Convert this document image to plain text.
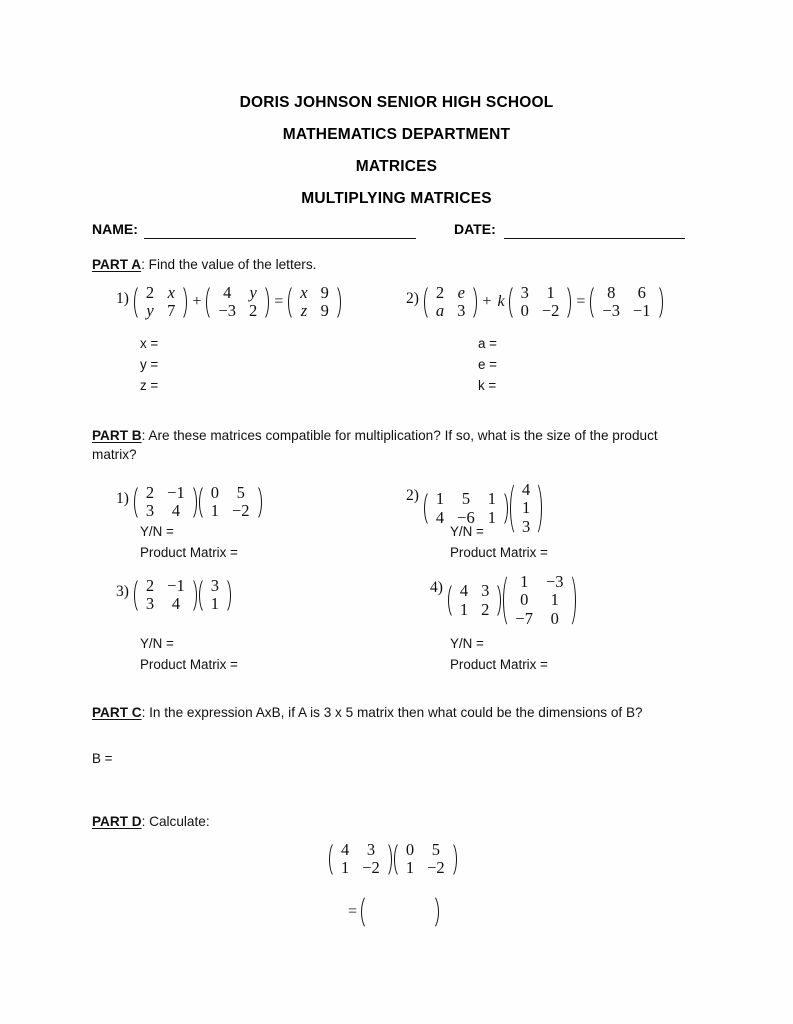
DORIS JOHNSON SENIOR HIGH SCHOOL
MATHEMATICS DEPARTMENT
MATRICES
MULTIPLYING MATRICES
NAME:	DATE:
PART A: Find the value of the letters.
1) 2 x
y 7 + 4 y
−3 2 = x 9
z 9
x =
y =
z =
2) 2 e
a 3 + k 3 1
0 −2 = 8 6
−3 −1
a =
e =
k =
PART B: Are these matrices compatible for multiplication? If so, what is the size of the product matrix?
1) 2 −1
3 4
0 5
1 −2
Y/N =
Product Matrix =
2) 1 5 1
4 −6 1
4
1
3
Y/N =
Product Matrix =
3) 2 −1
3 4
3
1
Y/N =
Product Matrix =
4) 4 3
1 2
1 −3
0 1
−7 0
Y/N =
Product Matrix =
PART C: In the expression AxB, if A is 3 x 5 matrix then what could be the dimensions of B?
B =
PART D: Calculate:
4 3
1 −2
0 5
1 −2
=
